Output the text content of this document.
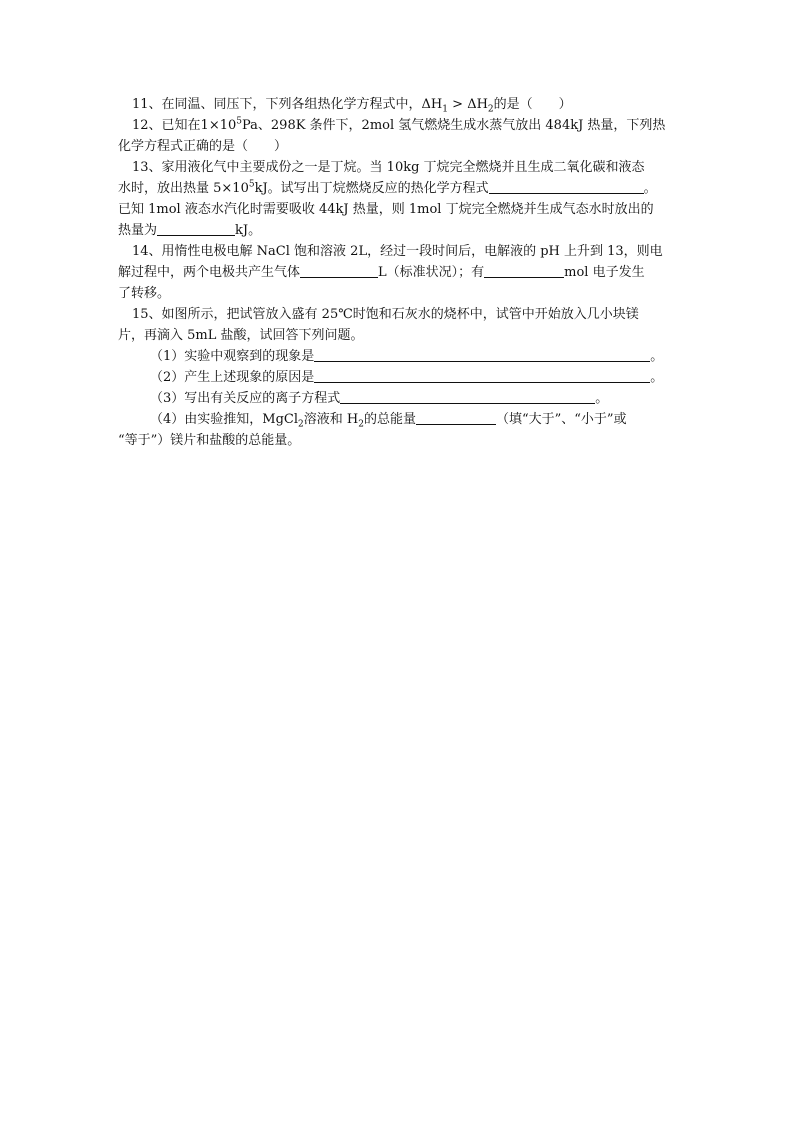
11、在同温、同压下，下列各组热化学方程式中，$\Delta H_1 > \Delta H_2$的是（　　）
12、已知在$1\times 10^5Pa$、298K 条件下，2mol 氢气燃烧生成水蒸气放出 484kJ 热量，下列热
化学方程式正确的是（　　）
13、家用液化气中主要成份之一是丁烷。当 10kg 丁烷完全燃烧并且生成二氧化碳和液态
水时，放出热量 $5\times 10^5kJ$。试写出丁烷燃烧反应的热化学方程式	。
已知 1mol 液态水汽化时需要吸收 44kJ 热量，则 1mol 丁烷完全燃烧并生成气态水时放出的
热量为	kJ。
14、用惰性电极电解 NaCl 饱和溶液 2L，经过一段时间后，电解液的 pH 上升到 13，则电
解过程中，两个电极共产生气体	L（标准状况）；有	mol 电子发生
了转移。
15、如图所示，把试管放入盛有 25℃时饱和石灰水的烧杯中，试管中开始放入几小块镁
片，再滴入 5mL 盐酸，试回答下列问题。
（1）实验中观察到的现象是	。
（2）产生上述现象的原因是	。
（3）写出有关反应的离子方程式	。
（4）由实验推知，MgCl$_2$溶液和 $H_2$的总能量	（填“大于”、“小于”或
“等于”）镁片和盐酸的总能量。
